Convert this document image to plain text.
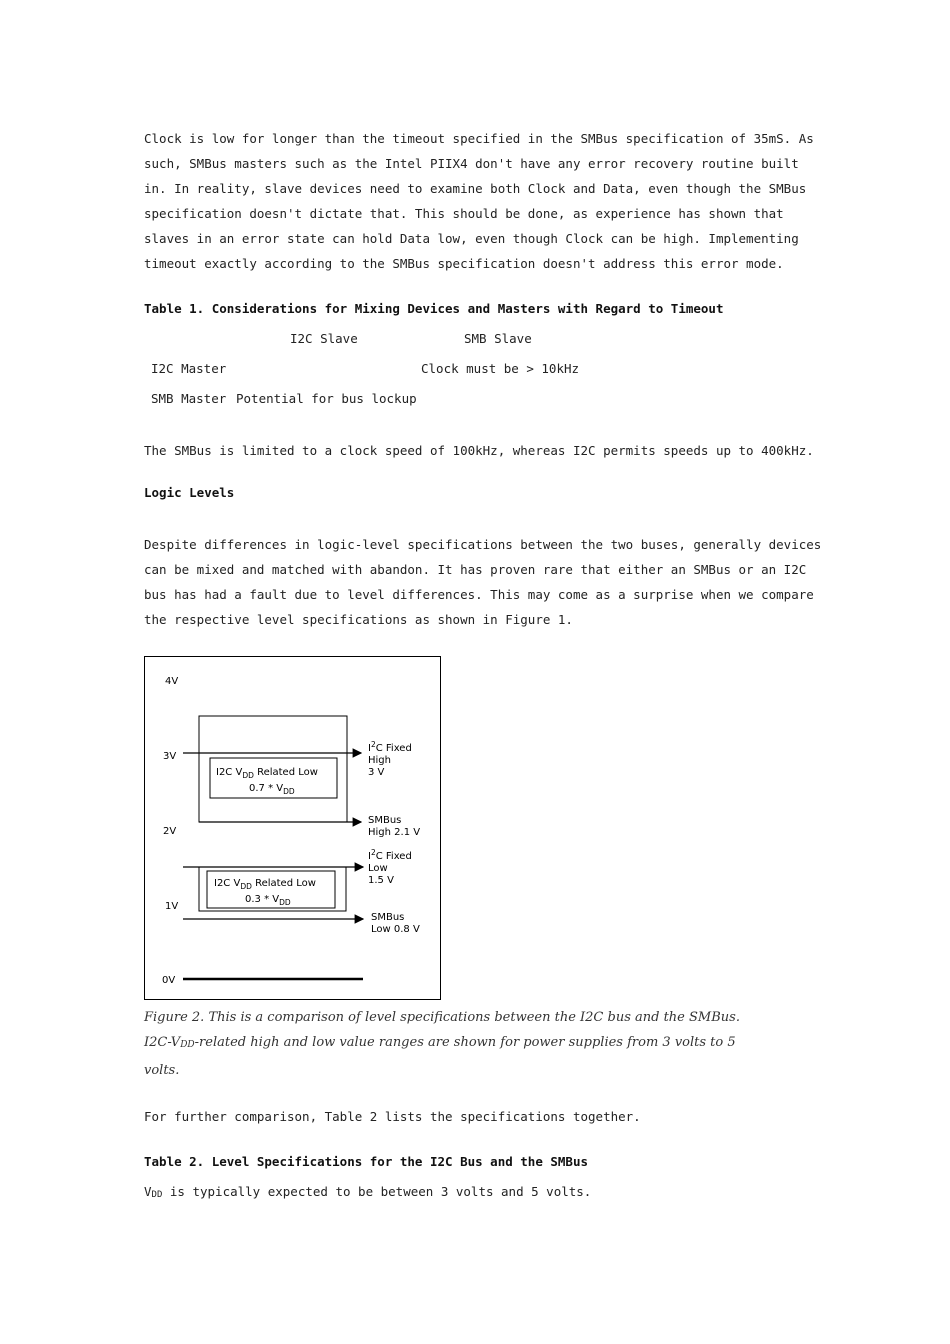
Clock is low for longer than the timeout specified in the SMBus specification of 35mS. As such, SMBus masters such as the Intel PIIX4 don't have any error recovery routine built in. In reality, slave devices need to examine both Clock and Data, even though the SMBus specification doesn't dictate that. This should be done, as experience has shown that slaves in an error state can hold Data low, even though Clock can be high. Implementing timeout exactly according to the SMBus specification doesn't address this error mode.

Table 1. Considerations for Mixing Devices and Masters with Regard to Timeout
I2C Slave	SMB Slave
I2C Master	Clock must be > 10kHz
SMB Master Potential for bus lockup

The SMBus is limited to a clock speed of 100kHz, whereas I2C permits speeds up to 400kHz.

Logic Levels

Despite differences in logic-level specifications between the two buses, generally devices can be mixed and matched with abandon. It has proven rare that either an SMBus or an I2C bus has had a fault due to level differences. This may come as a surprise when we compare the respective level specifications as shown in Figure 1.

4V
3V
2V
1V
0V
I2C $V_{DD}$ Related Low
$0.7 * V_{DD}$
$I^2C$ Fixed
High
3 V
SMBus
High 2.1 V
I2C $V_{DD}$ Related Low
$0.3 * V_{DD}$
$I^2C$ Fixed
Low
1.5 V
SMBus
Low 0.8 V

Figure 2. This is a comparison of level specifications between the I2C bus and the SMBus.

I2C-VDD-related high and low value ranges are shown for power supplies from 3 volts to 5

volts.

For further comparison, Table 2 lists the specifications together.

Table 2. Level Specifications for the I2C Bus and the SMBus

VDD is typically expected to be between 3 volts and 5 volts.
